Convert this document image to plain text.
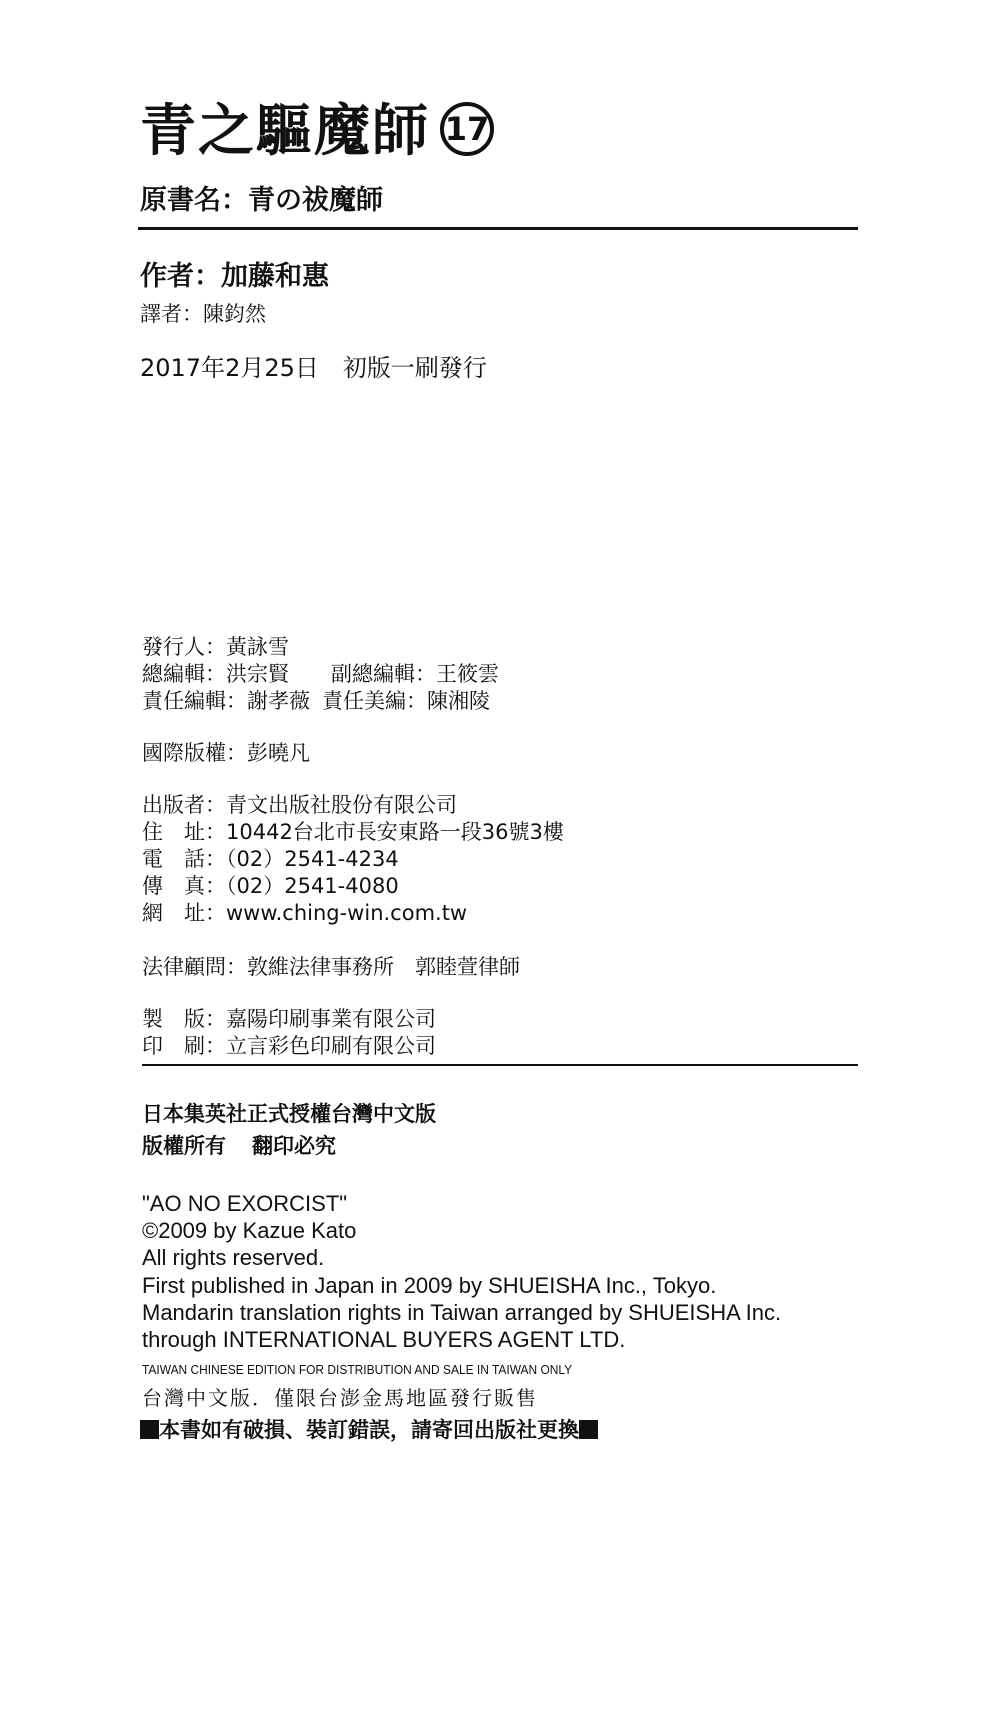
青之驅魔師 17
原書名：青の祓魔師
作者：加藤和惠
譯者：陳鈞然
2017年2月25日　初版一刷發行
發行人：黃詠雪
總編輯：洪宗賢 副總編輯：王筱雲
責任編輯：謝孝薇 責任美編：陳湘陵
國際版權：彭曉凡
出版者：青文出版社股份有限公司
住　址：10442台北市長安東路一段36號3樓
電　話：（02）2541-4234
傳　真：（02）2541-4080
網　址：www.ching-win.com.tw
法律顧問：敦維法律事務所　郭睦萱律師
製　版：嘉陽印刷事業有限公司
印　刷：立言彩色印刷有限公司
日本集英社正式授權台灣中文版
版權所有 翻印必究
"AO NO EXORCIST"
©2009 by Kazue Kato
All rights reserved.
First published in Japan in 2009 by SHUEISHA Inc., Tokyo.
Mandarin translation rights in Taiwan arranged by SHUEISHA Inc.
through INTERNATIONAL BUYERS AGENT LTD.
TAIWAN CHINESE EDITION FOR DISTRIBUTION AND SALE IN TAIWAN ONLY
台灣中文版．僅限台澎金馬地區發行販售
本書如有破損、裝訂錯誤，請寄回出版社更換
